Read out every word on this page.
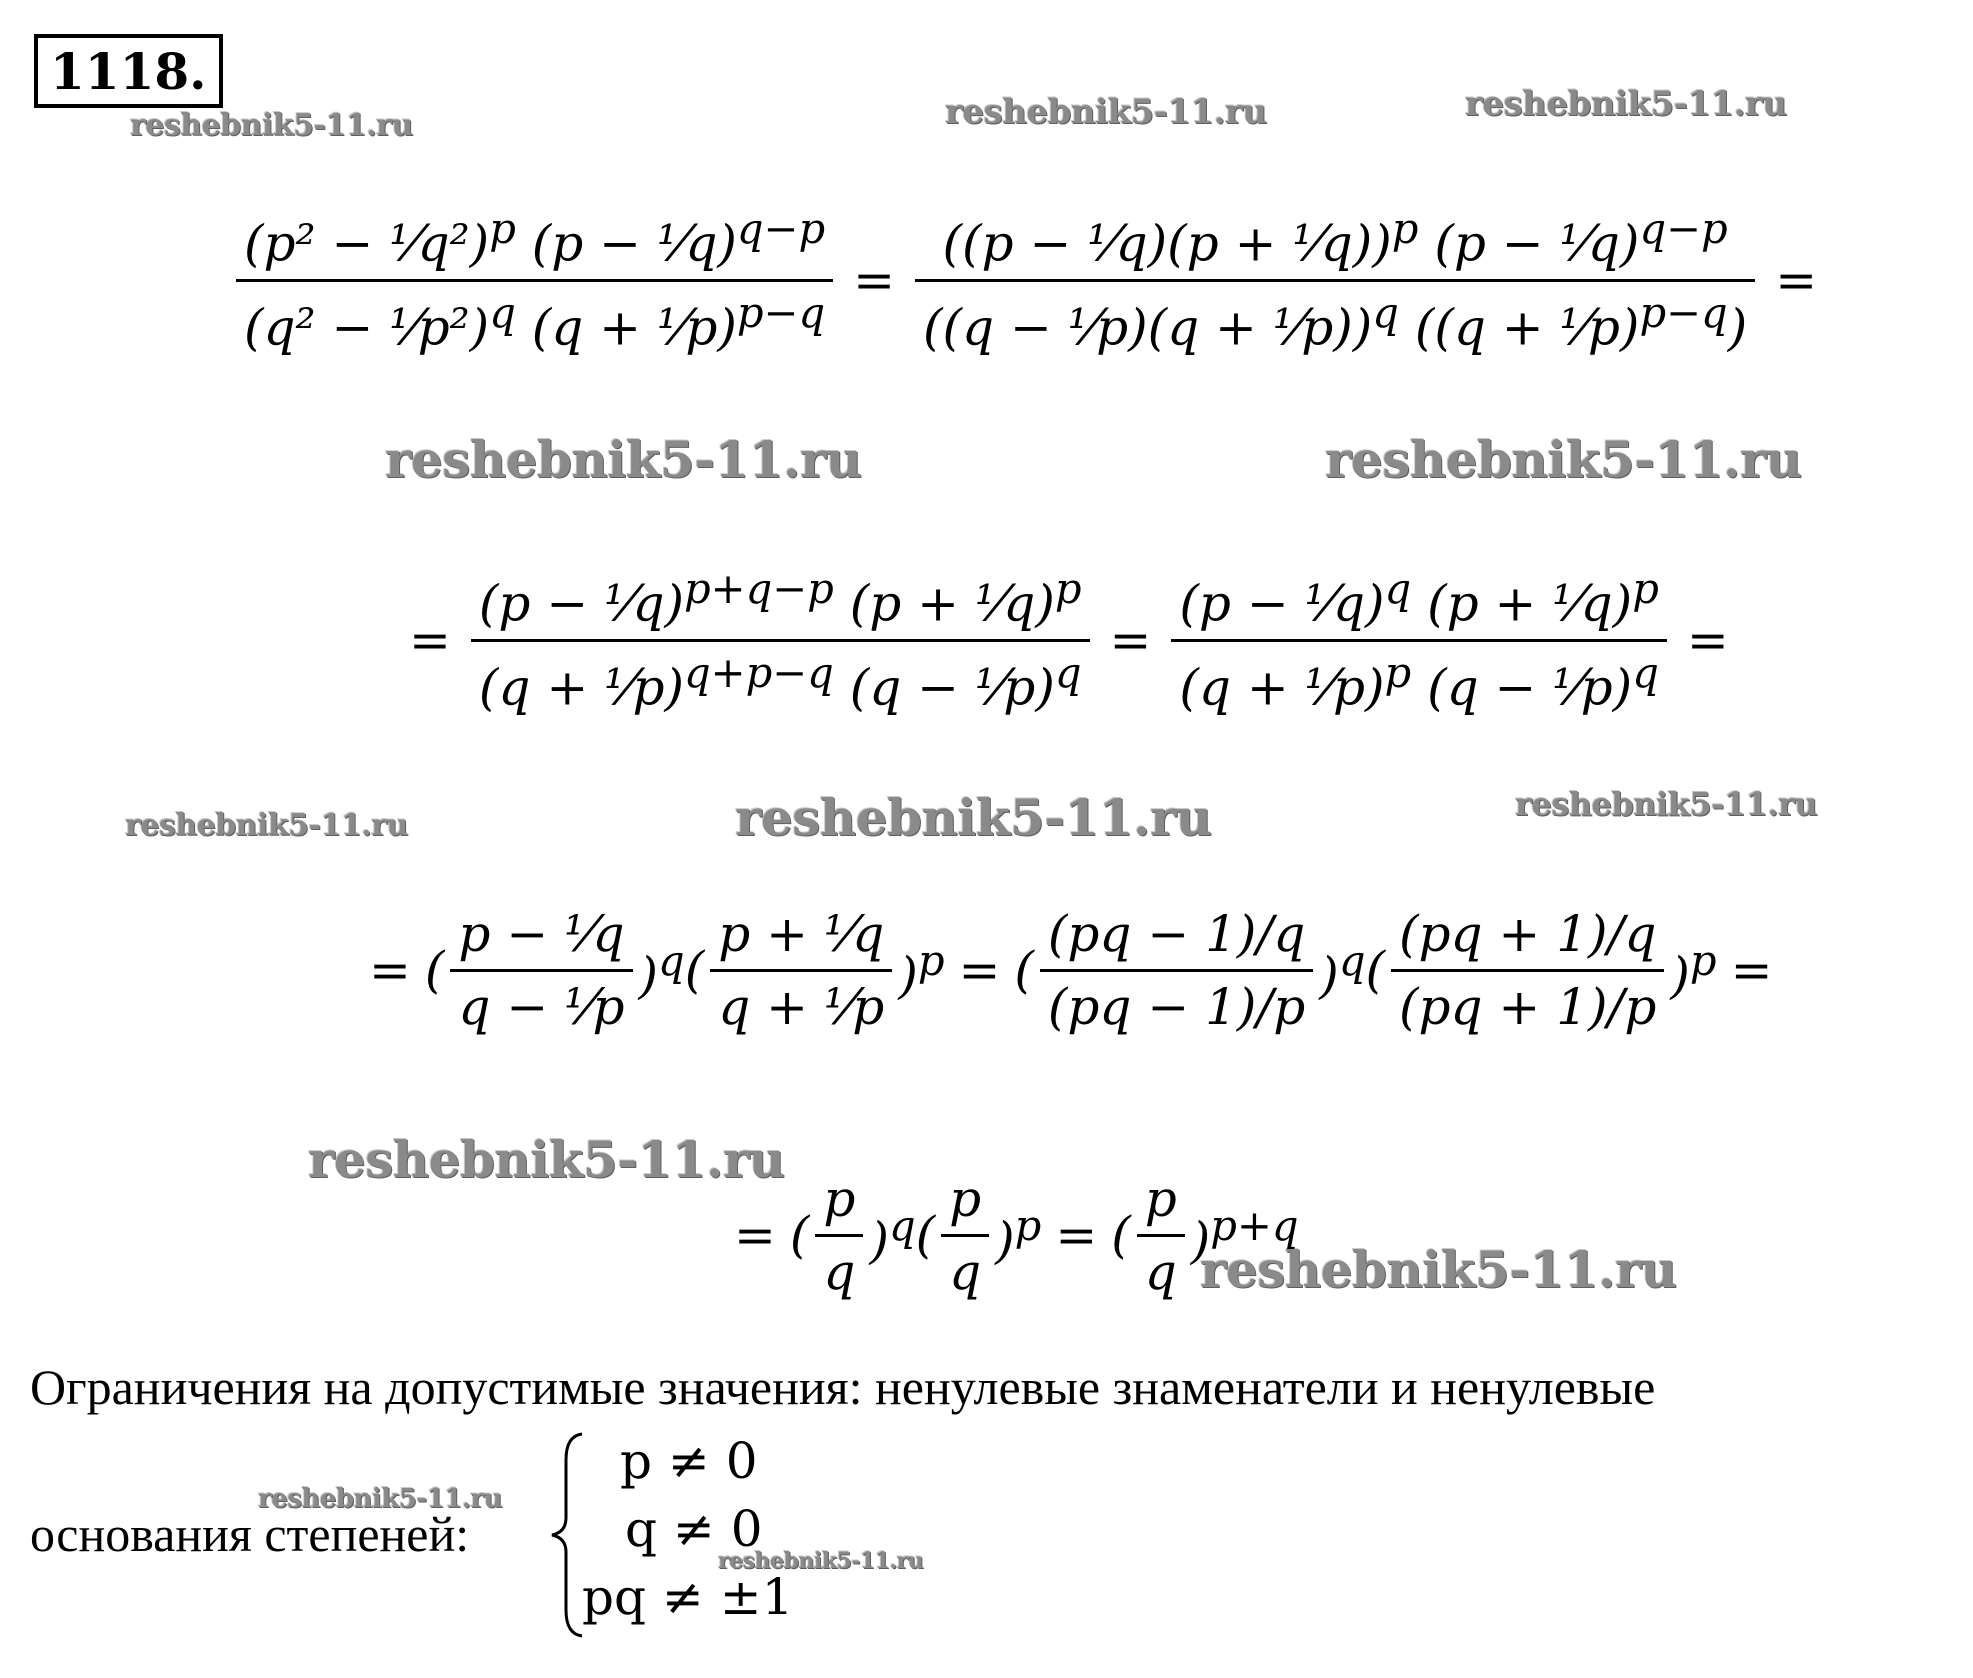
1118.
reshebnik5-11.ru	reshebnik5-11.ru	reshebnik5-11.ru
reshebnik5-11.ru	reshebnik5-11.ru
reshebnik5-11.ru	reshebnik5-11.ru	reshebnik5-11.ru
reshebnik5-11.ru
reshebnik5-11.ru
reshebnik5-11.ru
reshebnik5-11.ru
$\frac{(p^2 - ^1⁄q^2)^p (p - ^1⁄q)^{q-p}}{(q^2 - ^1⁄p^2)^q (q + ^1⁄p)^{p-q}} = \frac{((p - ^1⁄q)(p + ^1⁄q))^p (p - ^1⁄q)^{q-p}}{((q - ^1⁄p)(q + ^1⁄p))^q ((q + ^1⁄p)^{p-q})}$ =
= $\frac{(p - ^1⁄q)^{p+q-p} (p + ^1⁄q)^p}{(q + ^1⁄p)^{q+p-q} (q - ^1⁄p)^q} = \frac{(p - ^1⁄q)^q (p + ^1⁄q)^p}{(q + ^1⁄p)^p (q - ^1⁄p)^q}$ =
= ( $\frac{\text{p − ¹⁄q}}{\text{q − ¹⁄p}} )^q$ ( $\frac{\text{p + ¹⁄q}}{\text{q + ¹⁄p}} )^p$ = ( $\frac{(pq - 1)/q}{(pq - 1)/p} )^q$ ( $\frac{(pq + 1)/q}{(pq + 1)/p} )^p$ =
= ( $\frac{p}{q} )^q$ ( $\frac{p}{q} )^p$ = ( $\frac{p}{q} )^{p+q}$
Ограничения на допустимые значения: ненулевые знаменатели и ненулевые
основания степеней:
p ≠ 0
q ≠ 0
pq ≠ ±1
